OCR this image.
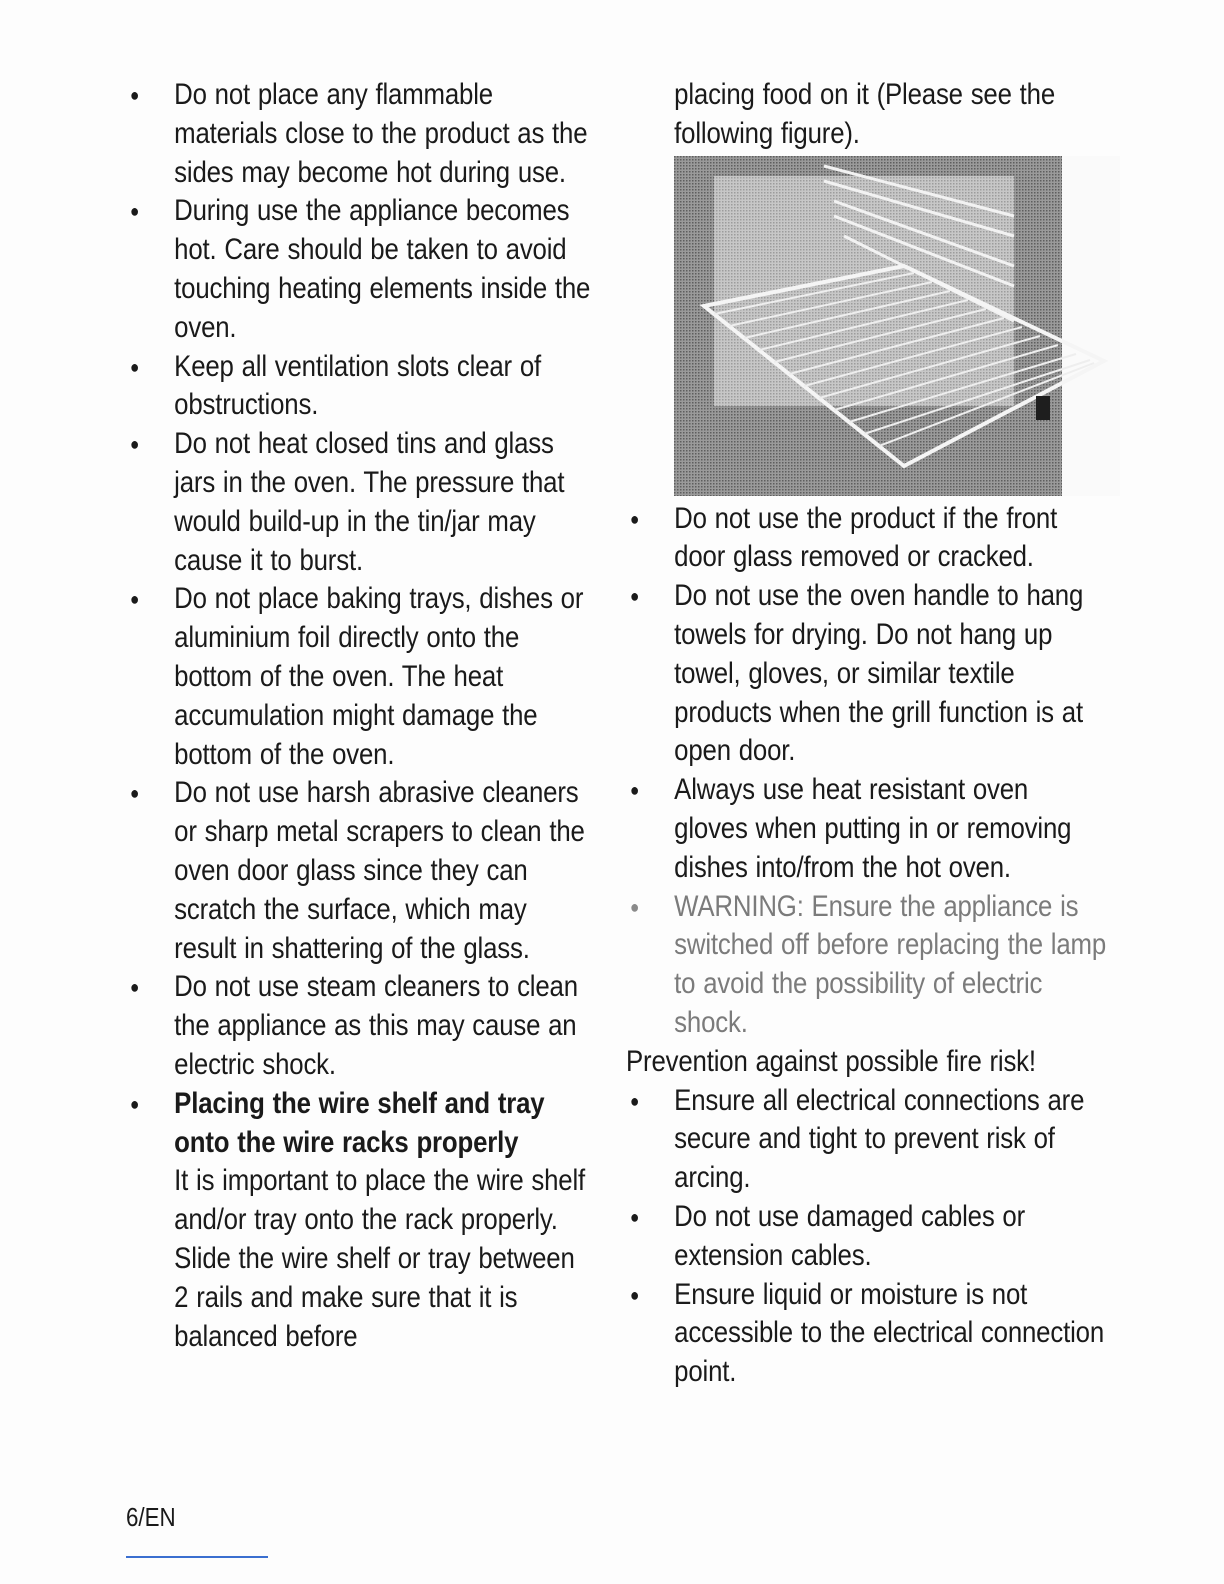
● Do not place any flammable materials close to the product as the sides may become hot during use.
● During use the appliance becomes hot. Care should be taken to avoid touching heating elements inside the oven.
● Keep all ventilation slots clear of obstructions.
● Do not heat closed tins and glass jars in the oven. The pressure that would build-up in the tin/jar may cause it to burst.
● Do not place baking trays, dishes or aluminium foil directly onto the bottom of the oven. The heat accumulation might damage the bottom of the oven.
● Do not use harsh abrasive cleaners or sharp metal scrapers to clean the oven door glass since they can scratch the surface, which may result in shattering of the glass.
● Do not use steam cleaners to clean the appliance as this may cause an electric shock.
● Placing the wire shelf and tray onto the wire racks properly
It is important to place the wire shelf and/or tray onto the rack properly. Slide the wire shelf or tray between 2 rails and make sure that it is balanced before
placing food on it (Please see the following figure).
● Do not use the product if the front door glass removed or cracked.
● Do not use the oven handle to hang towels for drying. Do not hang up towel, gloves, or similar textile products when the grill function is at open door.
● Always use heat resistant oven gloves when putting in or removing dishes into/from the hot oven.
● WARNING: Ensure the appliance is switched off before replacing the lamp to avoid the possibility of electric shock.
Prevention against possible fire risk!
● Ensure all electrical connections are secure and tight to prevent risk of arcing.
● Do not use damaged cables or extension cables.
● Ensure liquid or moisture is not accessible to the electrical connection point.
6/EN
